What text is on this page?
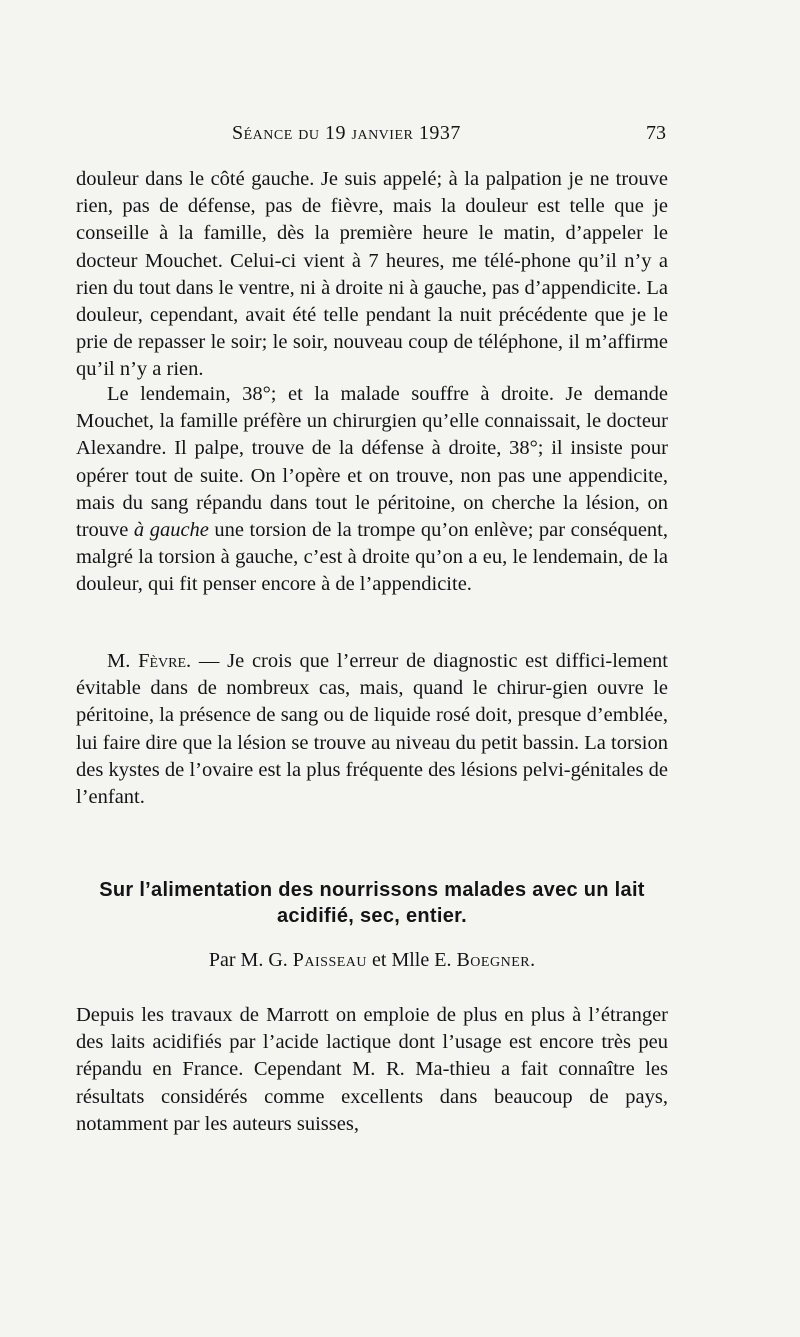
Séance du 19 janvier 1937	73

douleur dans le côté gauche. Je suis appelé; à la palpation je ne trouve rien, pas de défense, pas de fièvre, mais la douleur est telle que je conseille à la famille, dès la première heure le matin, d’appeler le docteur Mouchet. Celui-ci vient à 7 heures, me télé-phone qu’il n’y a rien du tout dans le ventre, ni à droite ni à gauche, pas d’appendicite. La douleur, cependant, avait été telle pendant la nuit précédente que je le prie de repasser le soir; le soir, nouveau coup de téléphone, il m’affirme qu’il n’y a rien.

Le lendemain, 38°; et la malade souffre à droite. Je demande Mouchet, la famille préfère un chirurgien qu’elle connaissait, le docteur Alexandre. Il palpe, trouve de la défense à droite, 38°; il insiste pour opérer tout de suite. On l’opère et on trouve, non pas une appendicite, mais du sang répandu dans tout le péritoine, on cherche la lésion, on trouve à gauche une torsion de la trompe qu’on enlève; par conséquent, malgré la torsion à gauche, c’est à droite qu’on a eu, le lendemain, de la douleur, qui fit penser encore à de l’appendicite.

M. Fèvre. — Je crois que l’erreur de diagnostic est diffici-lement évitable dans de nombreux cas, mais, quand le chirur-gien ouvre le péritoine, la présence de sang ou de liquide rosé doit, presque d’emblée, lui faire dire que la lésion se trouve au niveau du petit bassin. La torsion des kystes de l’ovaire est la plus fréquente des lésions pelvi-génitales de l’enfant.

Sur l’alimentation des nourrissons malades avec un lait acidifié, sec, entier.

Par M. G. Paisseau et Mlle E. Boegner.

Depuis les travaux de Marrott on emploie de plus en plus à l’étranger des laits acidifiés par l’acide lactique dont l’usage est encore très peu répandu en France. Cependant M. R. Ma-thieu a fait connaître les résultats considérés comme excellents dans beaucoup de pays, notamment par les auteurs suisses,
